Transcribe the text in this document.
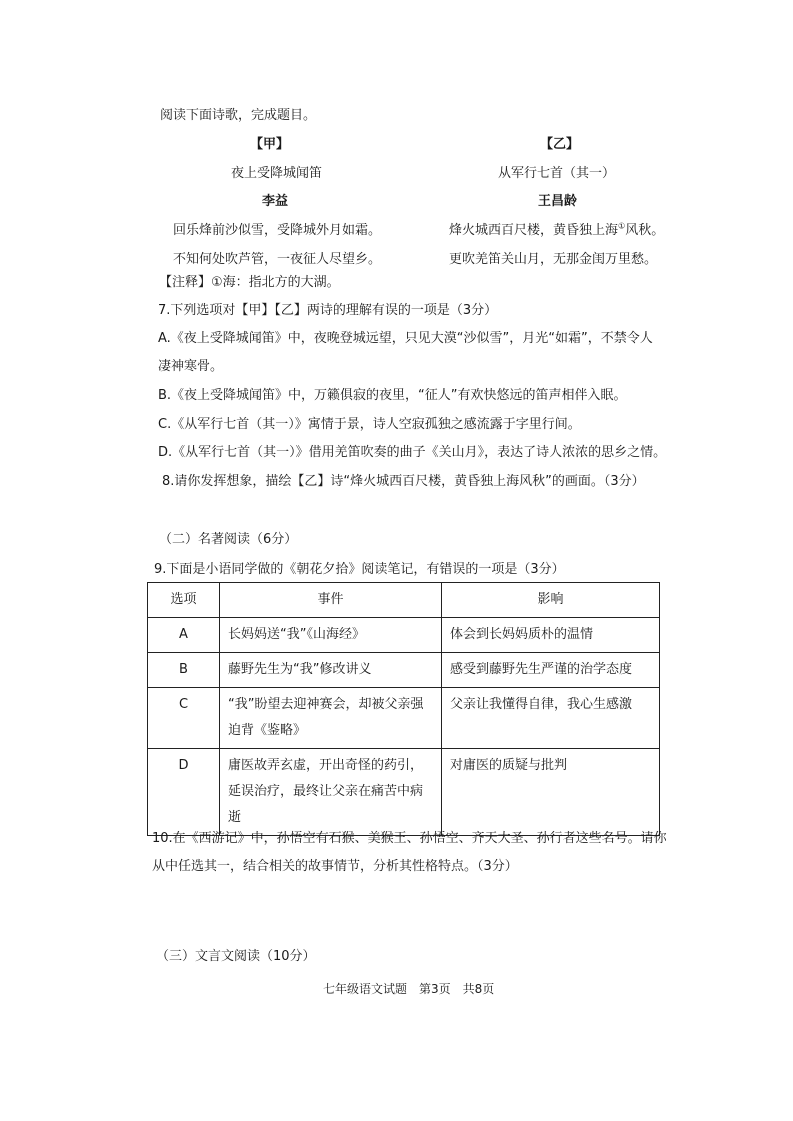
阅读下面诗歌，完成题目。
【甲】
夜上受降城闻笛
李益
回乐烽前沙似雪，受降城外月如霜。
不知何处吹芦管，一夜征人尽望乡。
【乙】
从军行七首（其一）
王昌龄
烽火城西百尺楼，黄昏独上海①风秋。
更吹羌笛关山月，无那金闺万里愁。
【注释】①海：指北方的大湖。
7.下列选项对【甲】【乙】两诗的理解有误的一项是（3分）
A.《夜上受降城闻笛》中，夜晚登城远望，只见大漠“沙似雪”，月光“如霜”，不禁令人
凄神寒骨。
B.《夜上受降城闻笛》中，万籁俱寂的夜里，“征人”有欢快悠远的笛声相伴入眠。
C.《从军行七首（其一）》寓情于景，诗人空寂孤独之感流露于字里行间。
D.《从军行七首（其一）》借用羌笛吹奏的曲子《关山月》，表达了诗人浓浓的思乡之情。
8.请你发挥想象，描绘【乙】诗“烽火城西百尺楼，黄昏独上海风秋”的画面。（3分）
（二）名著阅读（6分）
9.下面是小语同学做的《朝花夕拾》阅读笔记，有错误的一项是（3分）
选项	事件	影响
A	长妈妈送“我”《山海经》	体会到长妈妈质朴的温情
B	藤野先生为“我”修改讲义	感受到藤野先生严谨的治学态度
C	“我”盼望去迎神赛会，却被父亲强迫背《鉴略》	父亲让我懂得自律，我心生感激
D	庸医故弄玄虚，开出奇怪的药引，延误治疗，最终让父亲在痛苦中病逝	对庸医的质疑与批判
10.在《西游记》中，孙悟空有石猴、美猴王、孙悟空、齐天大圣、孙行者这些名号。请你
从中任选其一，结合相关的故事情节，分析其性格特点。（3分）
（三）文言文阅读（10分）
七年级语文试题　第3页　共8页
